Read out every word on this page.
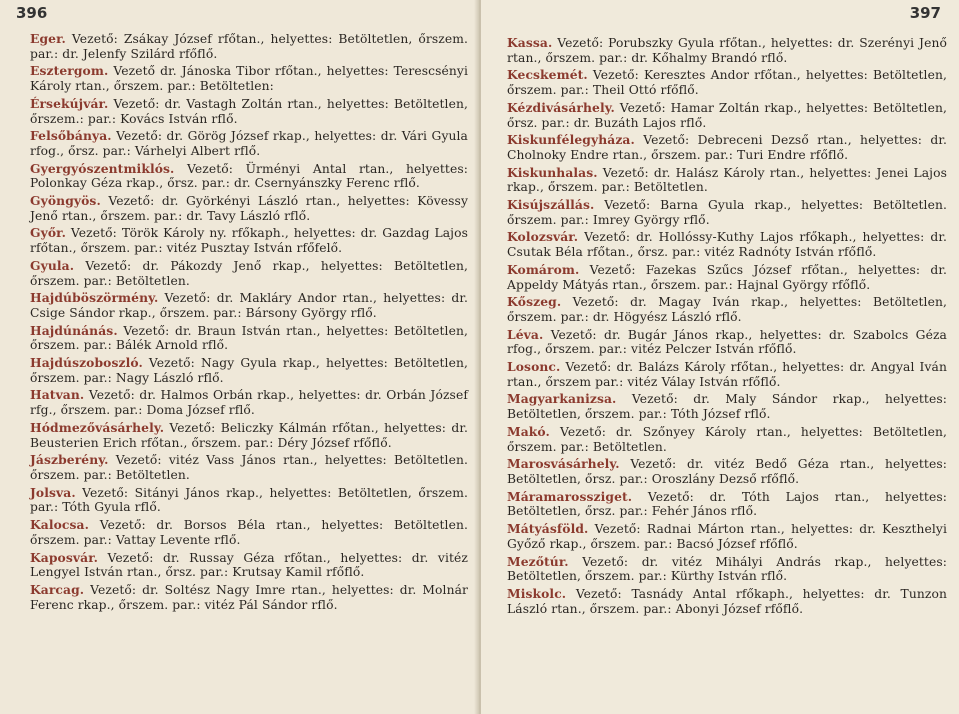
396

Eger. Vezető: Zsákay József rfőtan., helyettes: Betöltetlen, őrszem. par.: dr. Jelenfy Szilárd rfőflő.

Esztergom. Vezető dr. Jánoska Tibor rfőtan., helyettes: Terescsényi Károly rtan., őrszem. par.: Betöltetlen:

Érsekújvár. Vezető: dr. Vastagh Zoltán rtan., helyettes: Betöltetlen, őrszem.: par.: Kovács István rflő.

Felsőbánya. Vezető: dr. Görög József rkap., helyettes: dr. Vári Gyula rfog., őrsz. par.: Várhelyi Albert rflő.

Gyergyószentmiklós. Vezető: Ürményi Antal rtan., helyettes: Polonkay Géza rkap., őrsz. par.: dr. Csernyánszky Ferenc rflő.

Gyöngyös. Vezető: dr. Györkényi László rtan., helyettes: Kövessy Jenő rtan., őrszem. par.: dr. Tavy László rflő.

Győr. Vezető: Török Károly ny. rfőkaph., helyettes: dr. Gazdag Lajos rfőtan., őrszem. par.: vitéz Pusztay István rfőfelő.

Gyula. Vezető: dr. Pákozdy Jenő rkap., helyettes: Betöltetlen, őrszem. par.: Betöltetlen.

Hajdúböszörmény. Vezető: dr. Makláry Andor rtan., helyettes: dr. Csige Sándor rkap., őrszem. par.: Bársony György rflő.

Hajdúnánás. Vezető: dr. Braun István rtan., helyettes: Betöltetlen, őrszem. par.: Bálék Arnold rflő.

Hajdúszoboszló. Vezető: Nagy Gyula rkap., helyettes: Betöltetlen, őrszem. par.: Nagy László rflő.

Hatvan. Vezető: dr. Halmos Orbán rkap., helyettes: dr. Orbán József rfg., őrszem. par.: Doma József rflő.

Hódmezővásárhely. Vezető: Beliczky Kálmán rfőtan., helyettes: dr. Beusterien Erich rfőtan., őrszem. par.: Déry József rfőflő.

Jászberény. Vezető: vitéz Vass János rtan., helyettes: Betöltetlen. őrszem. par.: Betöltetlen.

Jolsva. Vezető: Sitányi János rkap., helyettes: Betöltetlen, őrszem. par.: Tóth Gyula rflő.

Kalocsa. Vezető: dr. Borsos Béla rtan., helyettes: Betöltetlen. őrszem. par.: Vattay Levente rflő.

Kaposvár. Vezető: dr. Russay Géza rfőtan., helyettes: dr. vitéz Lengyel István rtan., őrsz. par.: Krutsay Kamil rfőflő.

Karcag. Vezető: dr. Soltész Nagy Imre rtan., helyettes: dr. Molnár Ferenc rkap., őrszem. par.: vitéz Pál Sándor rflő.

397

Kassa. Vezető: Porubszky Gyula rfőtan., helyettes: dr. Szerényi Jenő rtan., őrszem. par.: dr. Kőhalmy Brandó rflő.

Kecskemét. Vezető: Keresztes Andor rfőtan., helyettes: Betöltetlen, őrszem. par.: Theil Ottó rfőflő.

Kézdivásárhely. Vezető: Hamar Zoltán rkap., helyettes: Betöltetlen, őrsz. par.: dr. Buzáth Lajos rflő.

Kiskunfélegyháza. Vezető: Debreceni Dezső rtan., helyettes: dr. Cholnoky Endre rtan., őrszem. par.: Turi Endre rfőflő.

Kiskunhalas. Vezető: dr. Halász Károly rtan., helyettes: Jenei Lajos rkap., őrszem. par.: Betöltetlen.

Kisújszállás. Vezető: Barna Gyula rkap., helyettes: Betöltetlen. őrszem. par.: Imrey György rflő.

Kolozsvár. Vezető: dr. Hollóssy-Kuthy Lajos rfőkaph., helyettes: dr. Csutak Béla rfőtan., őrsz. par.: vitéz Radnóty István rfőflő.

Komárom. Vezető: Fazekas Szűcs József rfőtan., helyettes: dr. Appeldy Mátyás rtan., őrszem. par.: Hajnal György rfőflő.

Kőszeg. Vezető: dr. Magay Iván rkap., helyettes: Betöltetlen, őrszem. par.: dr. Högyész László rflő.

Léva. Vezető: dr. Bugár János rkap., helyettes: dr. Szabolcs Géza rfog., őrszem. par.: vitéz Pelczer István rfőflő.

Losonc. Vezető: dr. Balázs Károly rfőtan., helyettes: dr. Angyal Iván rtan., őrszem par.: vitéz Válay István rfőflő.

Magyarkanizsa. Vezető: dr. Maly Sándor rkap., helyettes: Betöltetlen, őrszem. par.: Tóth József rflő.

Makó. Vezető: dr. Szőnyey Károly rtan., helyettes: Betöltetlen, őrszem. par.: Betöltetlen.

Marosvásárhely. Vezető: dr. vitéz Bedő Géza rtan., helyettes: Betöltetlen, őrsz. par.: Oroszlány Dezső rfőflő.

Máramarossziget. Vezető: dr. Tóth Lajos rtan., helyettes: Betöltetlen, őrsz. par.: Fehér János rflő.

Mátyásföld. Vezető: Radnai Márton rtan., helyettes: dr. Keszthelyi Győző rkap., őrszem. par.: Bacsó József rfőflő.

Mezőtúr. Vezető: dr. vitéz Mihályi András rkap., helyettes: Betöltetlen, őrszem. par.: Kürthy István rflő.

Miskolc. Vezető: Tasnády Antal rfőkaph., helyettes: dr. Tunzon László rtan., őrszem. par.: Abonyi József rfőflő.
